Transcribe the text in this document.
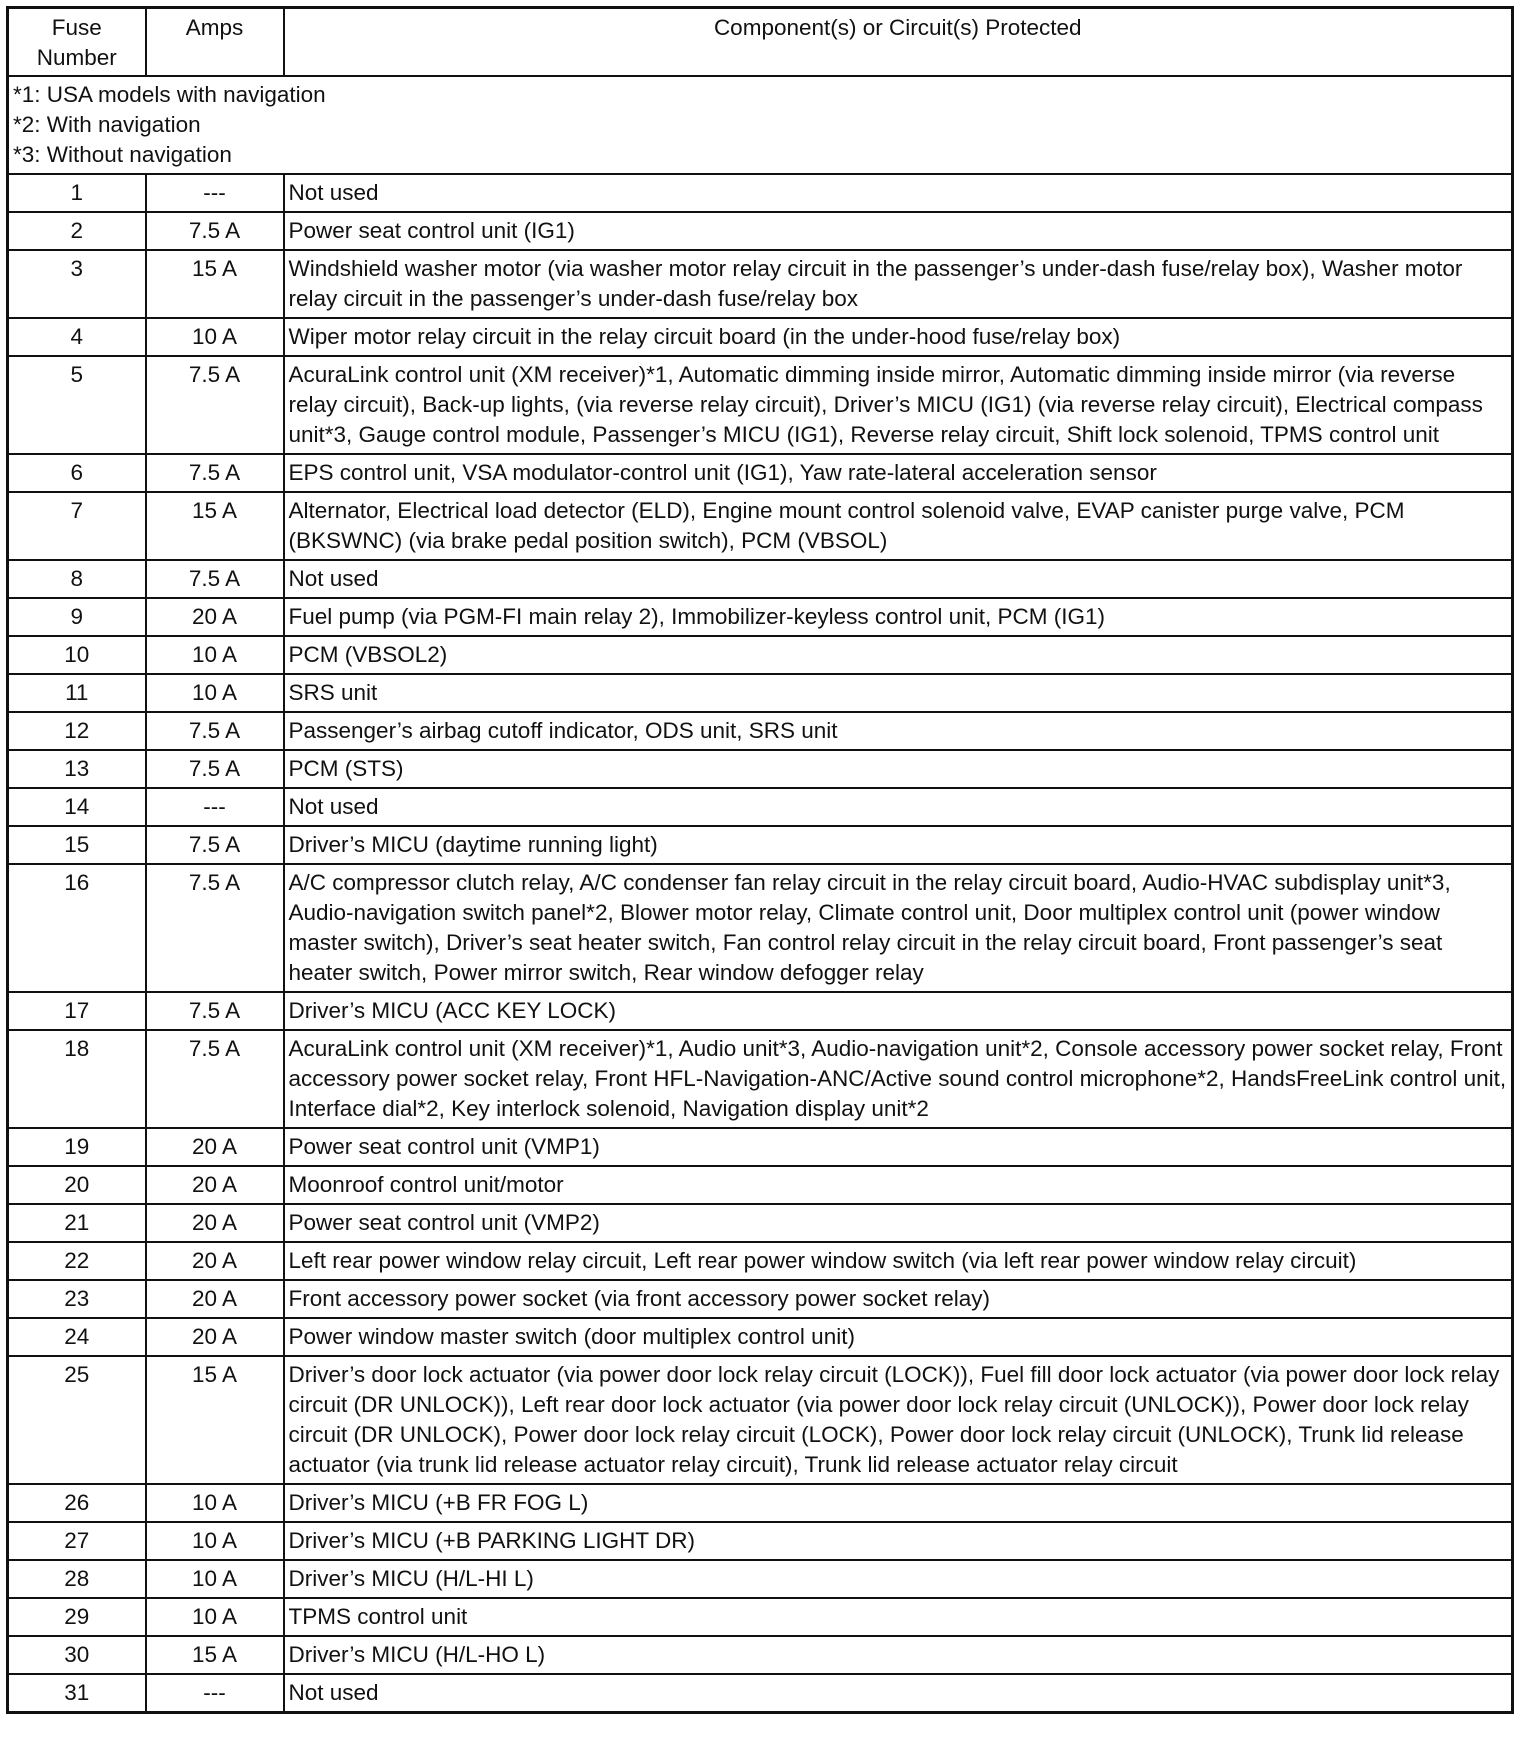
Fuse
Number	Amps	Component(s) or Circuit(s) Protected

*1: USA models with navigation
*2: With navigation
*3: Without navigation		

1	---	Not used
2	7.5 A	Power seat control unit (IG1)
3	15 A	Windshield washer motor (via washer motor relay circuit in the passenger’s under-dash fuse/relay box), Washer motor relay circuit in the passenger’s under-dash fuse/relay box
4	10 A	Wiper motor relay circuit in the relay circuit board (in the under-hood fuse/relay box)
5	7.5 A	AcuraLink control unit (XM receiver)*1, Automatic dimming inside mirror, Automatic dimming inside mirror (via reverse relay circuit), Back-up lights, (via reverse relay circuit), Driver’s MICU (IG1) (via reverse relay circuit), Electrical compass unit*3, Gauge control module, Passenger’s MICU (IG1), Reverse relay circuit, Shift lock solenoid, TPMS control unit
6	7.5 A	EPS control unit, VSA modulator-control unit (IG1), Yaw rate-lateral acceleration sensor
7	15 A	Alternator, Electrical load detector (ELD), Engine mount control solenoid valve, EVAP canister purge valve, PCM (BKSWNC) (via brake pedal position switch), PCM (VBSOL)
8	7.5 A	Not used
9	20 A	Fuel pump (via PGM-FI main relay 2), Immobilizer-keyless control unit, PCM (IG1)
10	10 A	PCM (VBSOL2)
11	10 A	SRS unit
12	7.5 A	Passenger’s airbag cutoff indicator, ODS unit, SRS unit
13	7.5 A	PCM (STS)
14	---	Not used
15	7.5 A	Driver’s MICU (daytime running light)
16	7.5 A	A/C compressor clutch relay, A/C condenser fan relay circuit in the relay circuit board, Audio-HVAC subdisplay unit*3, Audio-navigation switch panel*2, Blower motor relay, Climate control unit, Door multiplex control unit (power window master switch), Driver’s seat heater switch, Fan control relay circuit in the relay circuit board, Front passenger’s seat heater switch, Power mirror switch, Rear window defogger relay
17	7.5 A	Driver’s MICU (ACC KEY LOCK)
18	7.5 A	AcuraLink control unit (XM receiver)*1, Audio unit*3, Audio-navigation unit*2, Console accessory power socket relay, Front accessory power socket relay, Front HFL-Navigation-ANC/Active sound control microphone*2, HandsFreeLink control unit, Interface dial*2, Key interlock solenoid, Navigation display unit*2
19	20 A	Power seat control unit (VMP1)
20	20 A	Moonroof control unit/motor
21	20 A	Power seat control unit (VMP2)
22	20 A	Left rear power window relay circuit, Left rear power window switch (via left rear power window relay circuit)
23	20 A	Front accessory power socket (via front accessory power socket relay)
24	20 A	Power window master switch (door multiplex control unit)
25	15 A	Driver’s door lock actuator (via power door lock relay circuit (LOCK)), Fuel fill door lock actuator (via power door lock relay circuit (DR UNLOCK)), Left rear door lock actuator (via power door lock relay circuit (UNLOCK)), Power door lock relay circuit (DR UNLOCK), Power door lock relay circuit (LOCK), Power door lock relay circuit (UNLOCK), Trunk lid release actuator (via trunk lid release actuator relay circuit), Trunk lid release actuator relay circuit
26	10 A	Driver’s MICU (+B FR FOG L)
27	10 A	Driver’s MICU (+B PARKING LIGHT DR)
28	10 A	Driver’s MICU (H/L-HI L)
29	10 A	TPMS control unit
30	15 A	Driver’s MICU (H/L-HO L)
31	---	Not used
